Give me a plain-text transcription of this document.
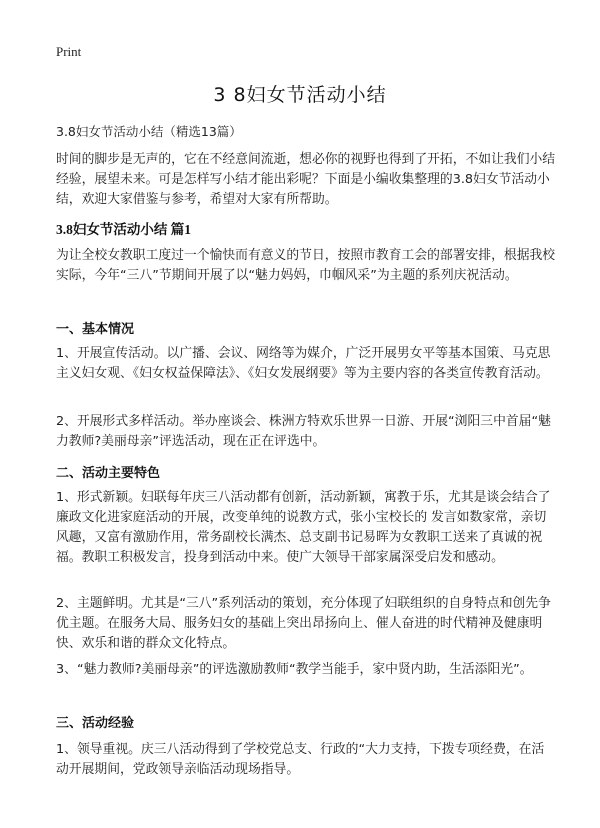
Print
3 8妇女节活动小结
3.8妇女节活动小结（精选13篇）

时间的脚步是无声的，它在不经意间流逝，想必你的视野也得到了开拓，不如让我们小结经验，展望未来。可是怎样写小结才能出彩呢？下面是小编收集整理的3.8妇女节活动小结，欢迎大家借鉴与参考，希望对大家有所帮助。

3.8妇女节活动小结 篇1

为让全校女教职工度过一个愉快而有意义的节日，按照市教育工会的部署安排，根据我校实际，今年“三八”节期间开展了以“魅力妈妈，巾帼风采”为主题的系列庆祝活动。

一、基本情况

1、开展宣传活动。以广播、会议、网络等为媒介，广泛开展男女平等基本国策、马克思主义妇女观、《妇女权益保障法》、《妇女发展纲要》等为主要内容的各类宣传教育活动。

2、开展形式多样活动。举办座谈会、株洲方特欢乐世界一日游、开展“浏阳三中首届“魅力教师?美丽母亲”评选活动，现在正在评选中。

二、活动主要特色

1、形式新颖。妇联每年庆三八活动都有创新，活动新颖，寓教于乐，尤其是谈会结合了廉政文化进家庭活动的开展，改变单纯的说教方式，张小宝校长的 发言如数家常，亲切风趣，又富有激励作用，常务副校长满杰、总支副书记易晖为女教职工送来了真诚的祝福。教职工积极发言，投身到活动中来。使广大领导干部家属深受启发和感动。

2、主题鲜明。尤其是“三八”系列活动的策划，充分体现了妇联组织的自身特点和创先争优主题。在服务大局、服务妇女的基础上突出昂扬向上、催人奋进的时代精神及健康明快、欢乐和谐的群众文化特点。

3、“魅力教师?美丽母亲”的评选激励教师“教学当能手，家中贤内助，生活添阳光”。

三、活动经验

1、领导重视。庆三八活动得到了学校党总支、行政的“大力支持，下拨专项经费，在活动开展期间，党政领导亲临活动现场指导。
